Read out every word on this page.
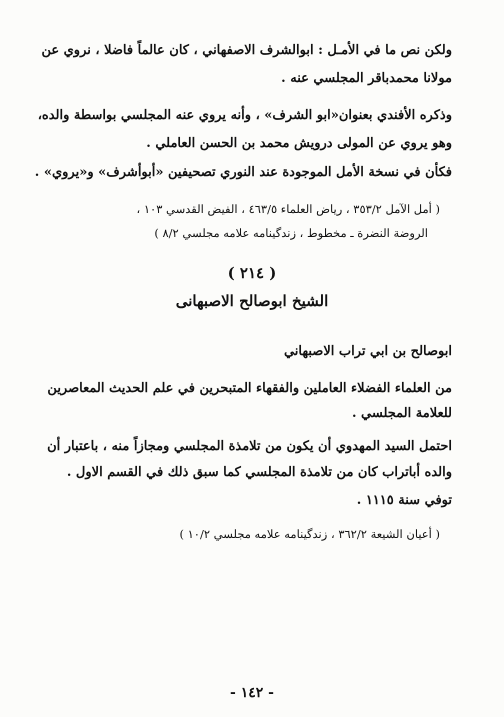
ولكن نص ما في الأمـل : ابوالشرف الاصفهاني ، كان عالماً فاضلا ، نروي عن
مولانا محمدباقر المجلسي عنه .
وذكره الأفندي بعنوان«ابو الشرف» ، وأنه يروي عنه المجلسي بواسطة والده،
وهو يروي عن المولى درويش محمد بن الحسن العاملي .
فكأن في نسخة الأمل الموجودة عند النوري تصحيفين «أبوأشرف» و«يروي» .
( أمل الآمل ٣٥٣/٢ ، رياض العلماء ٤٦٣/٥ ، الفيض القدسي ١٠٣ ،
الروضة النضرة ـ مخطوط ، زندگينامه علامه مجلسي ٨/٢ )
( ٢١٤ )
الشيخ ابوصالح الاصبهانى
ابوصالح بن ابي تراب الاصبهاني
من العلماء الفضلاء العاملين والفقهاء المتبحرين في علم الحديث المعاصرين
للعلامة المجلسي .
احتمل السيد المهدوي أن يكون من تلامذة المجلسي ومجازاً منه ، باعتبار أن
والده أباتراب كان من تلامذة المجلسي كما سبق ذلك في القسم الاول .
توفي سنة ١١١٥ .
( أعيان الشيعة ٣٦٢/٢ ، زندگينامه علامه مجلسي ١٠/٢ )
- ١٤٢ -
